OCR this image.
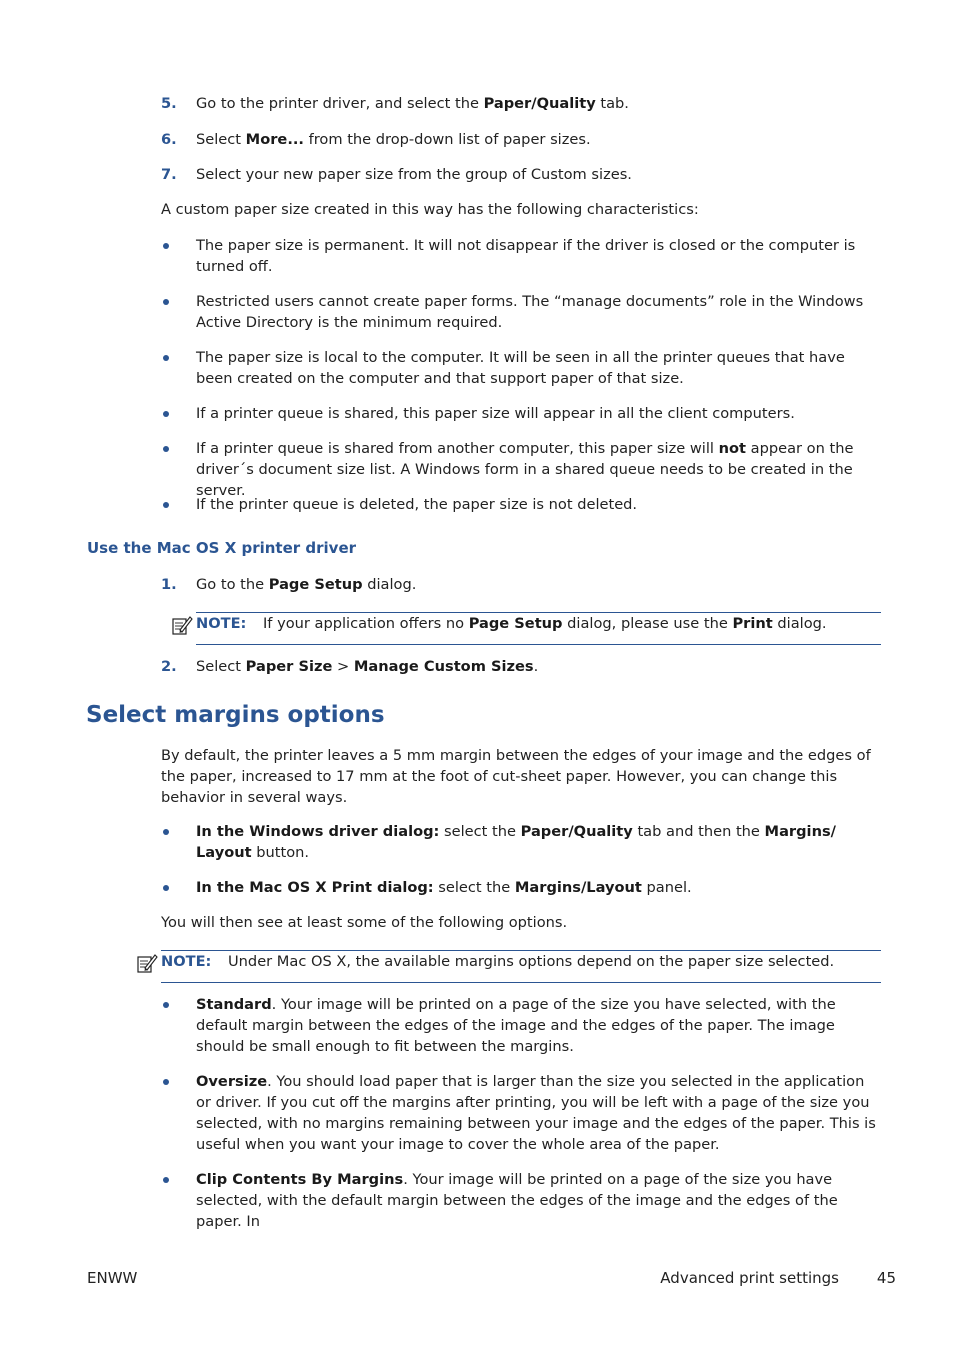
5. Go to the printer driver, and select the Paper/Quality tab.
6. Select More... from the drop-down list of paper sizes.
7. Select your new paper size from the group of Custom sizes.
A custom paper size created in this way has the following characteristics:
The paper size is permanent. It will not disappear if the driver is closed or the computer is turned off.
Restricted users cannot create paper forms. The “manage documents” role in the Windows Active Directory is the minimum required.
The paper size is local to the computer. It will be seen in all the printer queues that have been created on the computer and that support paper of that size.
If a printer queue is shared, this paper size will appear in all the client computers.
If a printer queue is shared from another computer, this paper size will not appear on the driver´s document size list. A Windows form in a shared queue needs to be created in the server.
If the printer queue is deleted, the paper size is not deleted.
Use the Mac OS X printer driver
1. Go to the Page Setup dialog.
NOTE: If your application offers no Page Setup dialog, please use the Print dialog.
2. Select Paper Size > Manage Custom Sizes.
Select margins options
By default, the printer leaves a 5 mm margin between the edges of your image and the edges of the paper, increased to 17 mm at the foot of cut-sheet paper. However, you can change this behavior in several ways.
In the Windows driver dialog: select the Paper/Quality tab and then the Margins/ Layout button.
In the Mac OS X Print dialog: select the Margins/Layout panel.
You will then see at least some of the following options.
NOTE: Under Mac OS X, the available margins options depend on the paper size selected.
Standard. Your image will be printed on a page of the size you have selected, with the default margin between the edges of the image and the edges of the paper. The image should be small enough to fit between the margins.
Oversize. You should load paper that is larger than the size you selected in the application or driver. If you cut off the margins after printing, you will be left with a page of the size you selected, with no margins remaining between your image and the edges of the paper. This is useful when you want your image to cover the whole area of the paper.
Clip Contents By Margins. Your image will be printed on a page of the size you have selected, with the default margin between the edges of the image and the edges of the paper. In
ENWW	Advanced print settings	45
